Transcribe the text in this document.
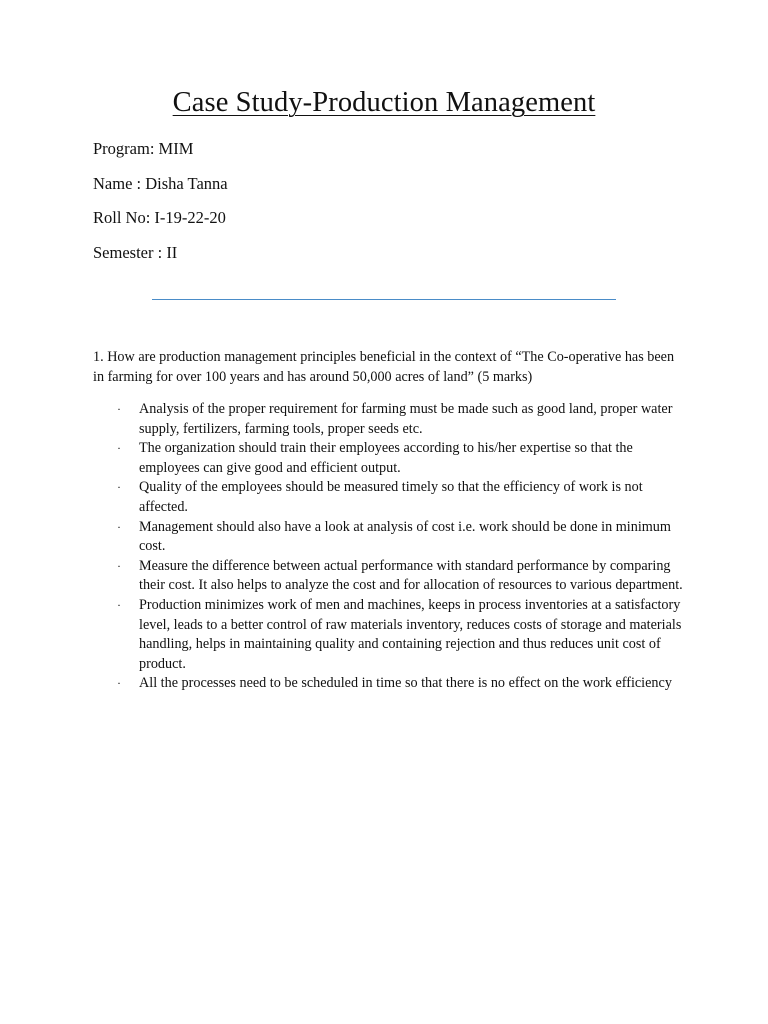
Case Study-Production Management
Program: MIM
Name : Disha Tanna
Roll No: I-19-22-20
Semester : II
1. How are production management principles beneficial in the context of “The Co-operative has been in farming for over 100 years and has around 50,000 acres of land” (5 marks)
· Analysis of the proper requirement for farming must be made such as good land, proper water supply, fertilizers, farming tools, proper seeds etc.
· The organization should train their employees according to his/her expertise so that the employees can give good and efficient output.
· Quality of the employees should be measured timely so that the efficiency of work is not affected.
· Management should also have a look at analysis of cost i.e. work should be done in minimum cost.
· Measure the difference between actual performance with standard performance by comparing their cost. It also helps to analyze the cost and for allocation of resources to various department.
· Production minimizes work of men and machines, keeps in process inventories at a satisfactory level, leads to a better control of raw materials inventory, reduces costs of storage and materials handling, helps in maintaining quality and containing rejection and thus reduces unit cost of product.
· All the processes need to be scheduled in time so that there is no effect on the work efficiency
